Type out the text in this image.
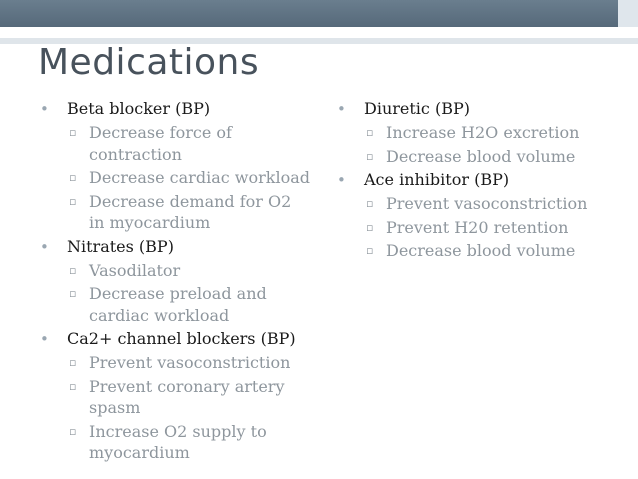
Medications
•	Beta blocker (BP)
▫ Decrease force of contraction
▫ Decrease cardiac workload
▫ Decrease demand for O2 in myocardium
•	Nitrates (BP)
▫ Vasodilator
▫ Decrease preload and cardiac workload
•	Ca2+ channel blockers (BP)
▫ Prevent vasoconstriction
▫ Prevent coronary artery spasm
▫ Increase O2 supply to myocardium
•	Diuretic (BP)
▫ Increase H2O excretion
▫ Decrease blood volume
•	Ace inhibitor (BP)
▫ Prevent vasoconstriction
▫ Prevent H20 retention
▫ Decrease blood volume
